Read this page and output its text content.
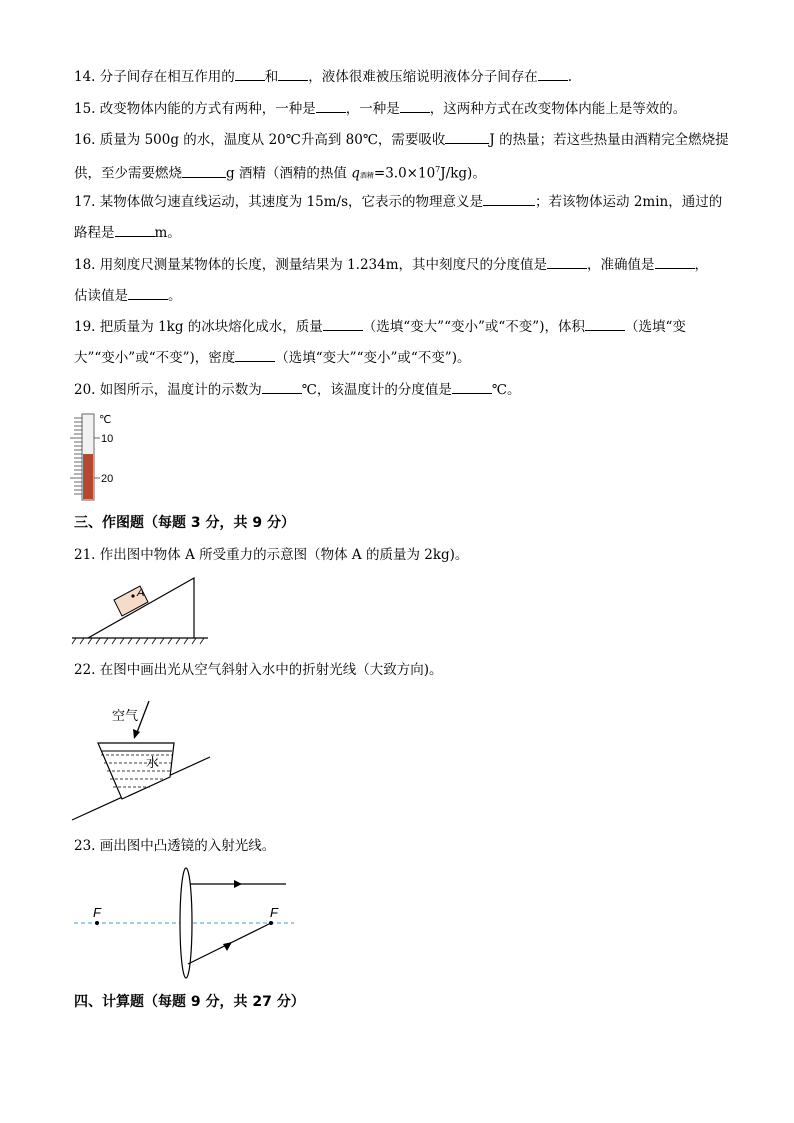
14. 分子间存在相互作用的 和 ，液体很难被压缩说明液体分子间存在 .
15. 改变物体内能的方式有两种，一种是 ，一种是 ，这两种方式在改变物体内能上是等效的。
16. 质量为 500g 的水，温度从 20℃升高到 80℃，需要吸收	J 的热量；若这些热量由酒精完全燃烧提
供，至少需要燃烧	g 酒精（酒精的热值 q酒精$=3.0\times 10^7J/kg$)。
17. 某物体做匀速直线运动，其速度为 15m/s，它表示的物理意义是	；若该物体运动 2min，通过的
路程是	m。
18. 用刻度尺测量某物体的长度，测量结果为 1.234m，其中刻度尺的分度值是	，准确值是	，
估读值是	。
19. 把质量为 1kg 的冰块熔化成水，质量	（选填“变大”“变小”或“不变”)，体积	（选填“变
大”“变小”或“不变”)，密度	（选填“变大”“变小”或“不变”)。
20. 如图所示，温度计的示数为	℃，该温度计的分度值是	℃。
℃
10
20
三、作图题（每题 3 分，共 9 分）
21. 作出图中物体 A 所受重力的示意图（物体 A 的质量为 2kg)。
A
22. 在图中画出光从空气斜射入水中的折射光线（大致方向)。
空气
水
23. 画出图中凸透镜的入射光线。
F	F
四、计算题（每题 9 分，共 27 分）
